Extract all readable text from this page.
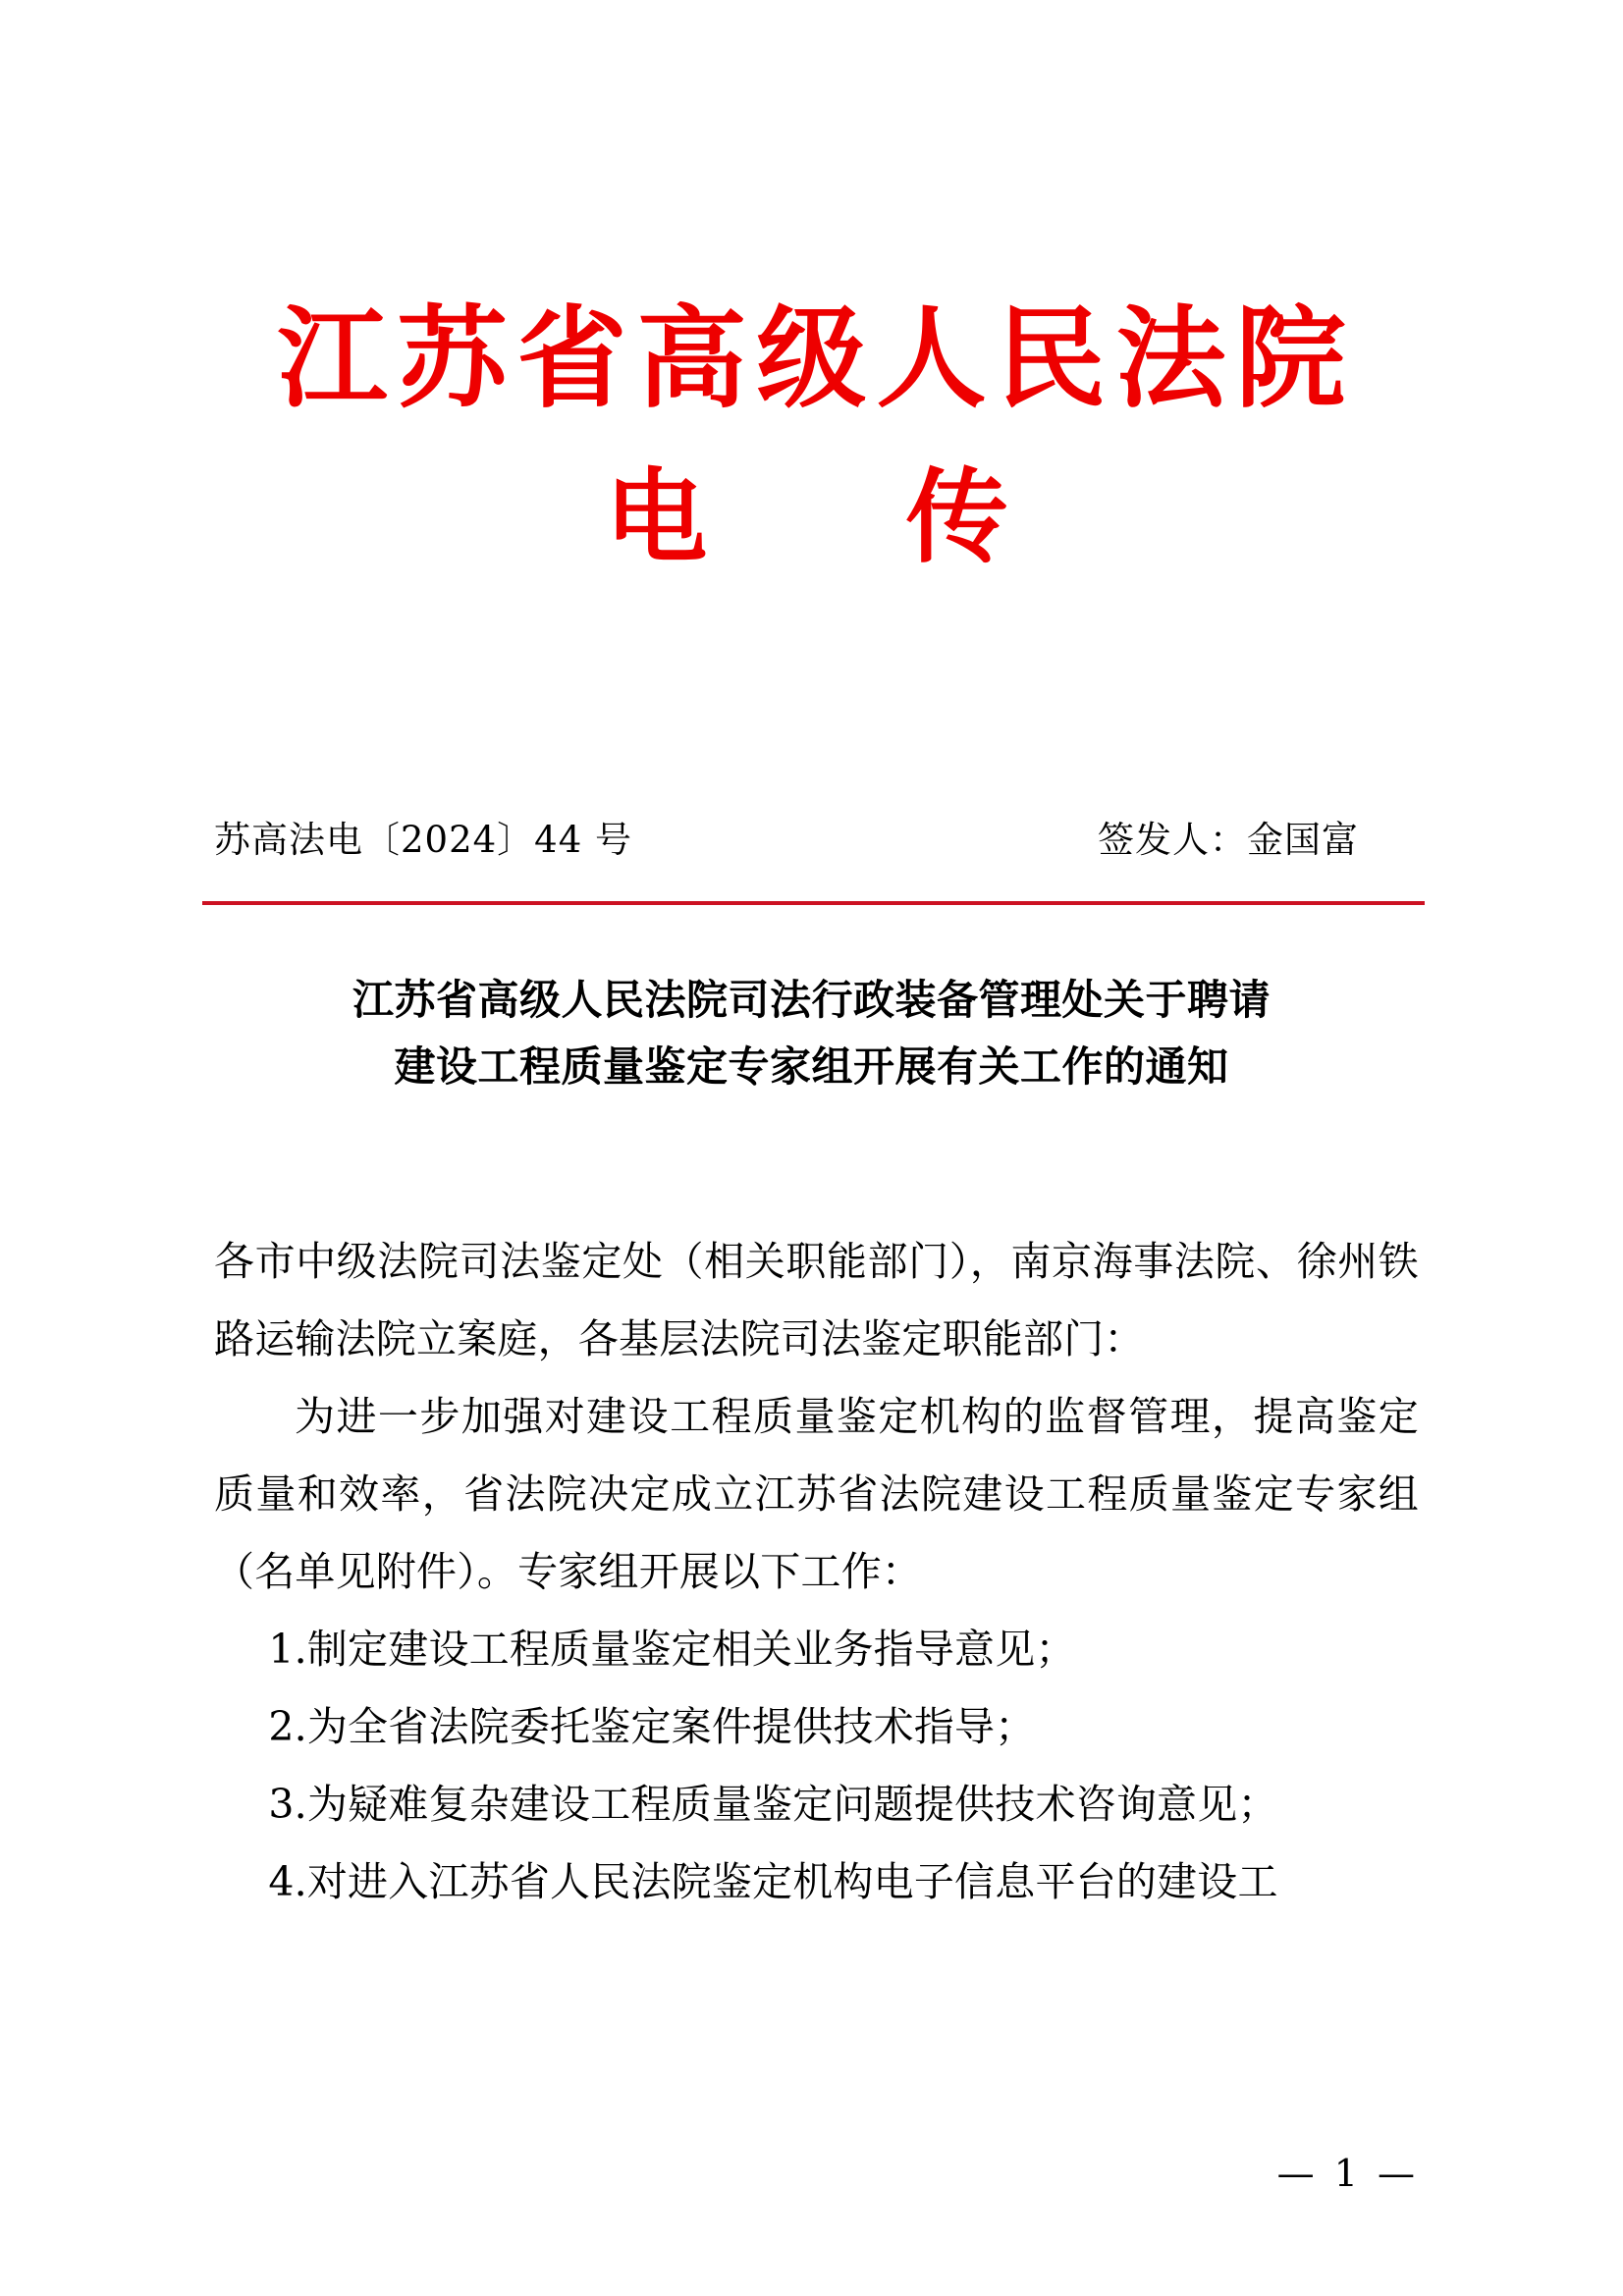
江苏省高级人民法院
电 传
苏高法电〔2024〕44 号	签发人：金国富
江苏省高级人民法院司法行政装备管理处关于聘请
建设工程质量鉴定专家组开展有关工作的通知

各市中级法院司法鉴定处（相关职能部门），南京海事法院、徐州铁路运输法院立案庭，各基层法院司法鉴定职能部门：

为进一步加强对建设工程质量鉴定机构的监督管理，提高鉴定质量和效率，省法院决定成立江苏省法院建设工程质量鉴定专家组（名单见附件）。专家组开展以下工作：

1.制定建设工程质量鉴定相关业务指导意见；

2.为全省法院委托鉴定案件提供技术指导；

3.为疑难复杂建设工程质量鉴定问题提供技术咨询意见；

4.对进入江苏省人民法院鉴定机构电子信息平台的建设工

— 1 —
